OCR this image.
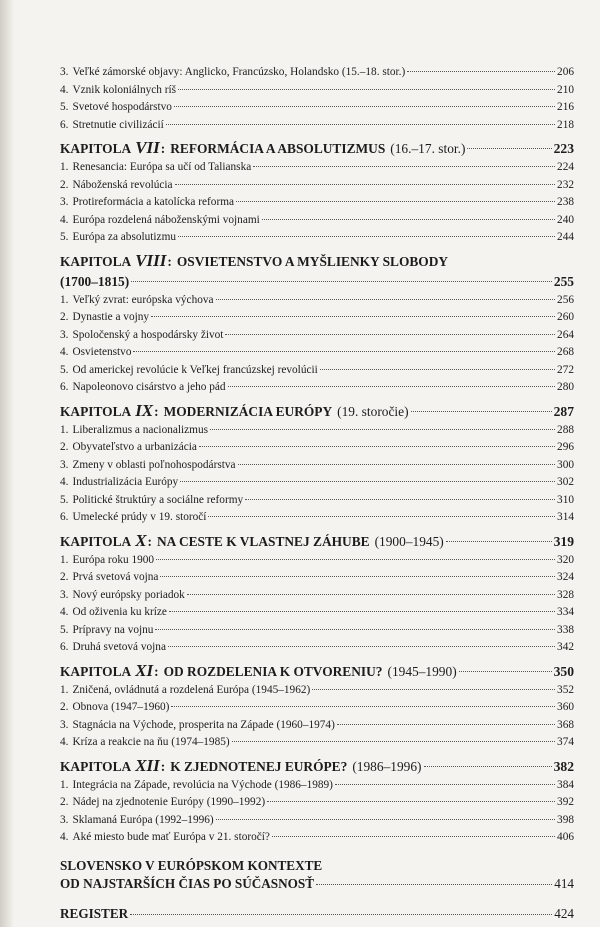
3. Veľké zámorské objavy: Anglicko, Francúzsko, Holandsko (15.–18. stor.)	206
4. Vznik koloniálnych ríš	210
5. Svetové hospodárstvo	216
6. Stretnutie civilizácií	218
KAPITOLA VII : REFORMÁCIA A ABSOLUTIZMUS (16.–17. stor.)	223
1. Renesancia: Európa sa učí od Talianska	224
2. Náboženská revolúcia	232
3. Protireformácia a katolícka reforma	238
4. Európa rozdelená náboženskými vojnami	240
5. Európa za absolutizmu	244
KAPITOLA VIII: OSVIETENSTVO A MYŠLIENKY SLOBODY
(1700–1815)	255
1. Veľký zvrat: európska výchova	256
2. Dynastie a vojny	260
3. Spoločenský a hospodársky život	264
4. Osvietenstvo	268
5. Od americkej revolúcie k Veľkej francúzskej revolúcii	272
6. Napoleonovo cisárstvo a jeho pád	280
KAPITOLA IX : MODERNIZÁCIA EURÓPY (19. storočie)	287
1. Liberalizmus a nacionalizmus	288
2. Obyvateľstvo a urbanizácia	296
3. Zmeny v oblasti poľnohospodárstva	300
4. Industrializácia Európy	302
5. Politické štruktúry a sociálne reformy	310
6. Umelecké prúdy v 19. storočí	314
KAPITOLA X : NA CESTE K VLASTNEJ ZÁHUBE (1900–1945)	319
1. Európa roku 1900	320
2. Prvá svetová vojna	324
3. Nový európsky poriadok	328
4. Od oživenia ku kríze	334
5. Prípravy na vojnu	338
6. Druhá svetová vojna	342
KAPITOLA XI : OD ROZDELENIA K OTVORENIU? (1945–1990)	350
1. Zničená, ovládnutá a rozdelená Európa (1945–1962)	352
2. Obnova (1947–1960)	360
3. Stagnácia na Východe, prosperita na Západe (1960–1974)	368
4. Kríza a reakcie na ňu (1974–1985)	374
KAPITOLA XII : K ZJEDNOTENEJ EURÓPE? (1986–1996)	382
1. Integrácia na Západe, revolúcia na Východe (1986–1989)	384
2. Nádej na zjednotenie Európy (1990–1992)	392
3. Sklamaná Európa (1992–1996)	398
4. Aké miesto bude mať Európa v 21. storočí?	406
SLOVENSKO V EURÓPSKOM KONTEXTE
OD NAJSTARŠÍCH ČIAS PO SÚČASNOSŤ	414
REGISTER	424
